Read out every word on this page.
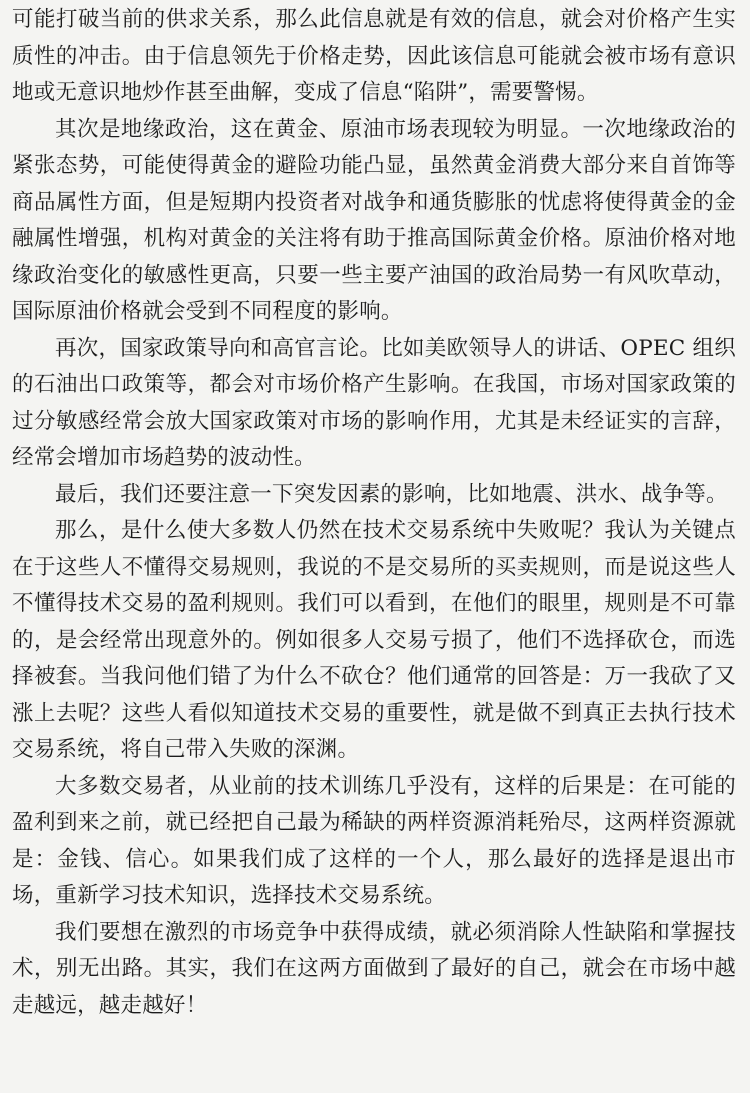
可能打破当前的供求关系，那么此信息就是有效的信息，就会对价格产生实质性的冲击。由于信息领先于价格走势，因此该信息可能就会被市场有意识地或无意识地炒作甚至曲解，变成了信息“陷阱”，需要警惕。

其次是地缘政治，这在黄金、原油市场表现较为明显。一次地缘政治的紧张态势，可能使得黄金的避险功能凸显，虽然黄金消费大部分来自首饰等商品属性方面，但是短期内投资者对战争和通货膨胀的忧虑将使得黄金的金融属性增强，机构对黄金的关注将有助于推高国际黄金价格。原油价格对地缘政治变化的敏感性更高，只要一些主要产油国的政治局势一有风吹草动，国际原油价格就会受到不同程度的影响。

再次，国家政策导向和高官言论。比如美欧领导人的讲话、OPEC 组织的石油出口政策等，都会对市场价格产生影响。在我国，市场对国家政策的过分敏感经常会放大国家政策对市场的影响作用，尤其是未经证实的言辞，经常会增加市场趋势的波动性。

最后，我们还要注意一下突发因素的影响，比如地震、洪水、战争等。

那么，是什么使大多数人仍然在技术交易系统中失败呢？我认为关键点在于这些人不懂得交易规则，我说的不是交易所的买卖规则，而是说这些人不懂得技术交易的盈利规则。我们可以看到，在他们的眼里，规则是不可靠的，是会经常出现意外的。例如很多人交易亏损了，他们不选择砍仓，而选择被套。当我问他们错了为什么不砍仓？他们通常的回答是：万一我砍了又涨上去呢？这些人看似知道技术交易的重要性，就是做不到真正去执行技术交易系统，将自己带入失败的深渊。

大多数交易者，从业前的技术训练几乎没有，这样的后果是：在可能的盈利到来之前，就已经把自己最为稀缺的两样资源消耗殆尽，这两样资源就是：金钱、信心。如果我们成了这样的一个人，那么最好的选择是退出市场，重新学习技术知识，选择技术交易系统。

我们要想在激烈的市场竞争中获得成绩，就必须消除人性缺陷和掌握技术，别无出路。其实，我们在这两方面做到了最好的自己，就会在市场中越走越远，越走越好！
